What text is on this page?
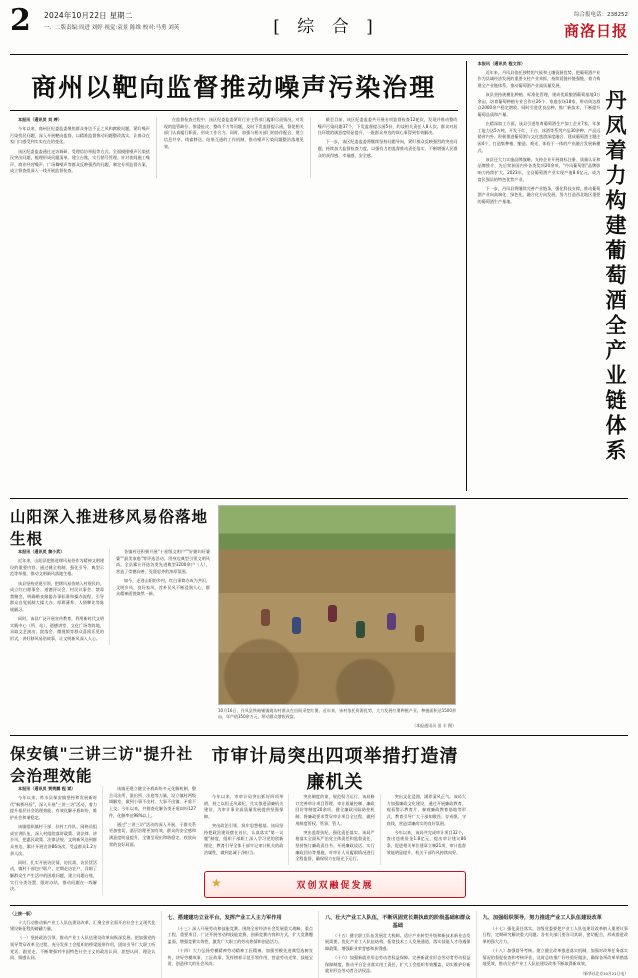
2	2024年10月22日 星期二
一、二版责编:周进 刘婷 视觉:袁景 陈维 校对:马勇 刘英	[ 综 合 ]
综合报电话：238252
商洛日报
商州以靶向监督推动噪声污染治理

本报讯（通讯员 刘 婷）

今年以来，商州区纪委监委聚焦群众身边不正之风和腐败问题，紧盯噪声污染扰民问题，深入开展靶向监督，以精准监督推动问题整改落实，让群众在家门口感受到实实在在的变化。

该区纪委监委通过走访调研、受理信访举报等方式，全面摸排噪声污染扰民突出问题，梳理形成问题清单，建立台账，实行销号管理。针对夜间施工噪声、商业经营噪声、广场舞噪声等群众反映强烈的问题，制定专项监督方案，成立督查组深入一线开展监督检查。

在监督检查过程中，该区纪委监委紧盯行业主管部门履职尽责情况，对发现的监管缺位、推诿扯皮、整改不力等问题，及时下发监督提示函，督促相关部门认真履行职责，形成工作合力。同时，加强与相关部门的协作配合，建立信息共享、线索移送、结果互通的工作机制，推动噪声污染问题整治落地见效。

截至目前，该区纪委监委共开展专项监督检查12轮次，发现并推动整改噪声污染问题37个，下发监督提示函5份，约谈相关责任人8人次。群众对居住环境的满意度明显提升，一批群众身边的烦心事得到有效解决。

下一步，该区纪委监委将继续坚持问题导向，紧盯群众反映强烈的突出问题，持续加大监督检查力度，以强有力的监督推动责任落实，不断增强人民群众的获得感、幸福感、安全感。

本报讯（通讯员 程文祥）

近年来，丹凤县依托独特的气候和土壤资源优势，把葡萄酒产业作为县域经济发展的重要支柱产业来抓，持续延链补链强链，着力构建全产业链体系，推动葡萄酒产业高质量发展。

该县坚持规模化种植、标准化管理，建成优质酿酒葡萄基地3万余亩，培育葡萄种植专业合作社26个、家庭农场18家，带动周边群众2000余户稳定增收。同时引进优良品种，推广新技术，不断提升葡萄品质和产量。

在精深加工方面，该县引进培育葡萄酒生产加工企业7家，年加工能力达5万吨，开发干红、干白、冰酒等系列产品30余种，产品远销省内外。积极推进葡萄酒与文化旅游深度融合，建成葡萄酒主题庄园4个，打造集种植、酿造、观光、体验于一体的产业融合发展新模式。

该县还大力实施品牌战略，支持企业开展商标注册、质量认证和品牌推介，先后荣获国内外各类奖项20余项，"丹凤葡萄酒"品牌影响力持续扩大。2023年，全县葡萄酒产业实现产值8.6亿元，成为富民强县的特色优势产业。

下一步，丹凤县将继续完善产业链条，强化科技支撑，推动葡萄酒产业向高端化、绿色化、融合化方向发展，努力打造西北地区重要的葡萄酒生产基地。	丹凤着力构建葡萄酒全产业链体系
山阳深入推进移风易俗落地生根

本报讯（通讯员 詹小武）

近年来，山阳县把推进移风易俗作为精神文明建设的重要内容，通过健全机制、强化引导、典型示范等举措，推动文明新风落地生根。

该县坚持党建引领，把移风易俗纳入村规民约，成立红白理事会、道德评议会、村民议事会、禁毒禁赌会，明确婚丧嫁娶办事标准和操办流程，引导群众自觉抵制大操大办、厚葬薄养、人情攀比等陈规陋习。

同时，该县广泛开展宣传教育，利用新时代文明实践中心（所、站）、道德讲堂、文化广场等阵地，采取文艺演出、院落会、微视频等群众喜闻乐见的形式，讲好移风易俗故事，让文明新风深入人心。

各镇村还积极开展"十星级文明户""好媳妇好婆婆""最美家庭"等评选活动，用身边典型引领文明风尚。全县累计评选各类先进典型3200余户（人），营造了崇德向善、见贤思齐的浓厚氛围。

如今，走进山阳的乡村，红白事简办成为共识，文明乡风、良好家风、淳朴民风不断浸润人心，群众精神面貌焕然一新。

10月16日，丹凤县铁峪铺镇姚沟村群众在田间采挖红薯。近年来，该村依托资源优势，大力发展红薯种植产业，种植面积达1500余亩，年产值350余万元，带动群众增收致富。
（本报通讯员 田 丰 摄）
保安镇"三讲三访"提升社会治理效能

本报讯（通讯员 贾贵鹏 程 斌）

今年以来，柞水县保安镇坚持和发展新时代"枫桥经验"，深入开展"三讲三访"活动，着力提升基层社会治理效能，有效化解矛盾纠纷，维护社会和谐稳定。

该镇组织镇村干部、驻村工作队、网格员组成宣讲队伍，深入村组院落讲政策、讲法律、讲乡风，把惠民政策、法律法规、文明新风送到群众身边，累计开展宣讲86场次，受益群众1.2万余人次。

同时，扎实开展访民情、访民需、访民忧活动，镇村干部包户联户，定期走访农户，详细了解群众生产生活中的困难问题，建立问题台账，实行分类处置、限时办结，推动问题在一线解决。

该镇还建立健全矛盾纠纷多元化解机制，整合司法所、派出所、法庭等力量，设立镇村两级调解室，做到小事不出村、大事不出镇、矛盾不上交。今年以来，共排查化解各类矛盾纠纷127件，化解率达98%以上。

通过"三讲三访"活动的深入开展，干群关系更加密切，基层治理更加有效，群众的安全感和满意度明显提升，全镇呈现出和谐稳定、欣欣向荣的良好局面。

市审计局突出四项举措打造清廉机关

今年以来，市审计局突出抓好四项举措，持之以恒正风肃纪，扎实推进清廉机关建设，为审计事业高质量发展提供坚强保障。

突出政治引领，筑牢思想根基。该局坚持把政治建设摆在首位，认真落实"第一议题"制度，组织干部职工深入学习党的创新理论，教育引导全体干部牢记审计机关的政治属性，做到忠诚干净担当。

突出制度约束，规范权力运行。该局修订完善审计项目管理、审计质量控制、廉政回访等制度20余项，健全廉政风险防控机制，将廉政要求贯穿审计项目全过程，做到用制度管权、管事、管人。

突出监督执纪，强化责任落实。该局严格落实全面从严治党主体责任和监督责任，坚持签订廉政责任书、开展廉政谈话、实行廉政回访等措施，对审计人员履职情况进行全程监督，确保权力在阳光下运行。

突出文化浸润，涵养清风正气。该局大力加强廉政文化建设，通过开展廉政教育、观看警示教育片、参观廉政教育基地等形式，教育引导广大干部知敬畏、存戒惧、守底线，营造崇廉尚实的良好氛围。

今年以来，该局共完成审计项目32个，查出违规资金1.8亿元，提出审计建议86条，促进相关单位建章立制21项，审计监督效能明显提升，机关干部作风持续向好。

★	双创双融促发展
（上接一版）

十大行动推动新产业工人队伍建设改革，汇聚全省全面开启社会主义现代化建设新征程的磅礴力量。

（一）坚持政治引领，推动产业工人队伍建设改革向纵深发展。把加强党的领导贯穿改革全过程，充分发挥工会组织的桥梁纽带作用，团结引导广大职工听党话、跟党走，不断增强对中国特色社会主义的政治认同、思想认同、理论认同、情感认同。

七、搭建建功立业平台，发挥产业工人主力军作用

（十三）深入开展劳动和技能竞赛。围绕全省经济社会发展重大战略、重点工程、重要项目，广泛开展劳动和技能竞赛，创新竞赛内容和方式，扩大竞赛覆盖面，增强竞赛实效性，激发广大职工的劳动热情和创造活力。

（十四）大力弘扬劳模精神劳动精神工匠精神。加强劳模先进典型选树宣传，讲好劳模故事、工匠故事，发挥榜样示范引领作用，营造劳动光荣、技能宝贵、创造伟大的社会风尚。

八、壮大产业工人队伍，不断巩固党长期执政的阶级基础和群众基础

（十五）健全职工队伍发展壮大机制。适应产业转型升级和新技术新业态发展需要，优化产业工人队伍结构，拓宽技术工人发展通道，落实技能人才待遇保障政策，增强职业荣誉感和获得感。

（十六）加强新就业形态劳动者权益保障。完善新就业形态劳动者劳动权益保障制度，推动平台企业落实用工责任，扩大工会组织有效覆盖，切实维护好新就业形态劳动者合法权益。

九、加强组织领导，努力推进产业工人队伍建设改革

（十七）强化责任落实。各级党委要把产业工人队伍建设改革纳入重要议事日程，定期研究解决重大问题。各有关部门要各司其职、密切配合，形成推进改革的强大合力。

（十八）加强督导考核。建立健全改革推进落实机制，加强对改革任务落实情况的督促检查和考核评估，及时总结推广好经验好做法，确保各项改革举措落地见效，推动全省产业工人队伍建设改革不断取得新成效。

（新华社北京10月21日电）
